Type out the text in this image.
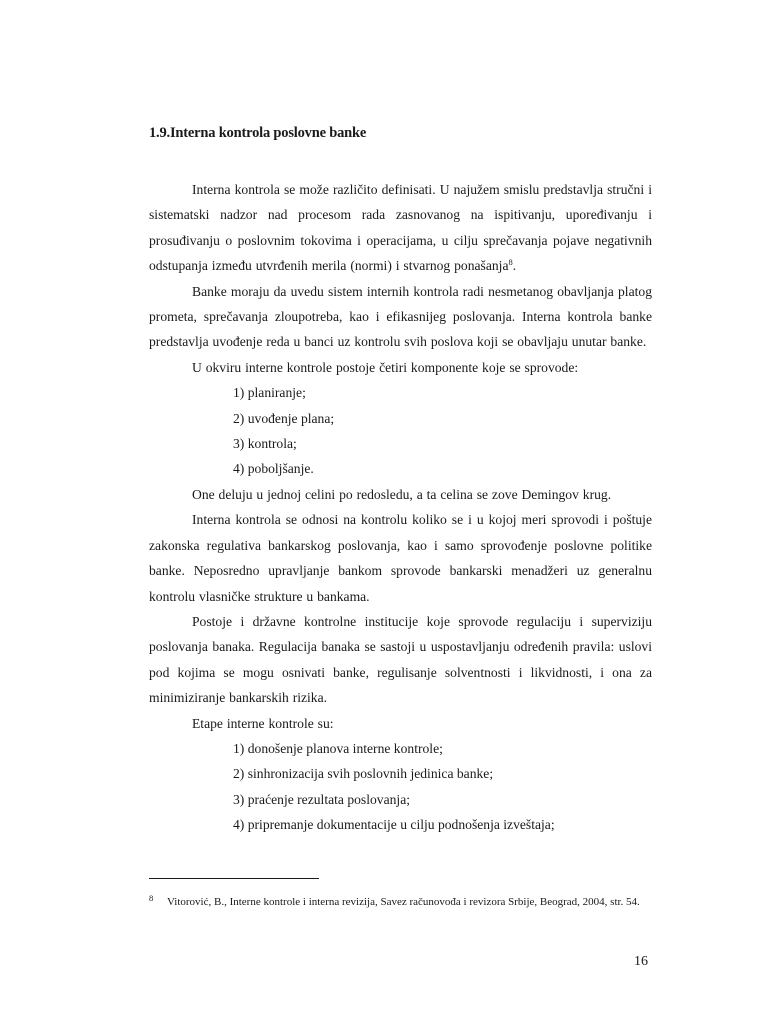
1.9.Interna kontrola poslovne banke

Interna kontrola se može različito definisati. U najužem smislu predstavlja stručni i sistematski nadzor nad procesom rada zasnovanog na ispitivanju, upoređivanju i prosuđivanju o poslovnim tokovima i operacijama, u cilju sprečavanja pojave negativnih odstupanja između utvrđenih merila (normi) i stvarnog ponašanja$^8$.

Banke moraju da uvedu sistem internih kontrola radi nesmetanog obavljanja platog prometa, sprečavanja zloupotreba, kao i efikasnijeg poslovanja. Interna kontrola banke predstavlja uvođenje reda u banci uz kontrolu svih poslova koji se obavljaju unutar banke.

U okviru interne kontrole postoje četiri komponente koje se sprovode:

1) planiranje;
2) uvođenje plana;
3) kontrola;
4) poboljšanje.

One deluju u jednoj celini po redosledu, a ta celina se zove Demingov krug.

Interna kontrola se odnosi na kontrolu koliko se i u kojoj meri sprovodi i poštuje zakonska regulativa bankarskog poslovanja, kao i samo sprovođenje poslovne politike banke. Neposredno upravljanje bankom sprovode bankarski menadžeri uz generalnu kontrolu vlasničke strukture u bankama.

Postoje i državne kontrolne institucije koje sprovode regulaciju i superviziju poslovanja banaka. Regulacija banaka se sastoji u uspostavljanju određenih pravila: uslovi pod kojima se mogu osnivati banke, regulisanje solventnosti i likvidnosti, i ona za minimiziranje bankarskih rizika.

Etape interne kontrole su:

1) donošenje planova interne kontrole;
2) sinhronizacija svih poslovnih jedinica banke;
3) praćenje rezultata poslovanja;
4) pripremanje dokumentacije u cilju podnošenja izveštaja;
8	Vitorović, B., Interne kontrole i interna revizija, Savez računovođa i revizora Srbije, Beograd, 2004, str. 54.
16
